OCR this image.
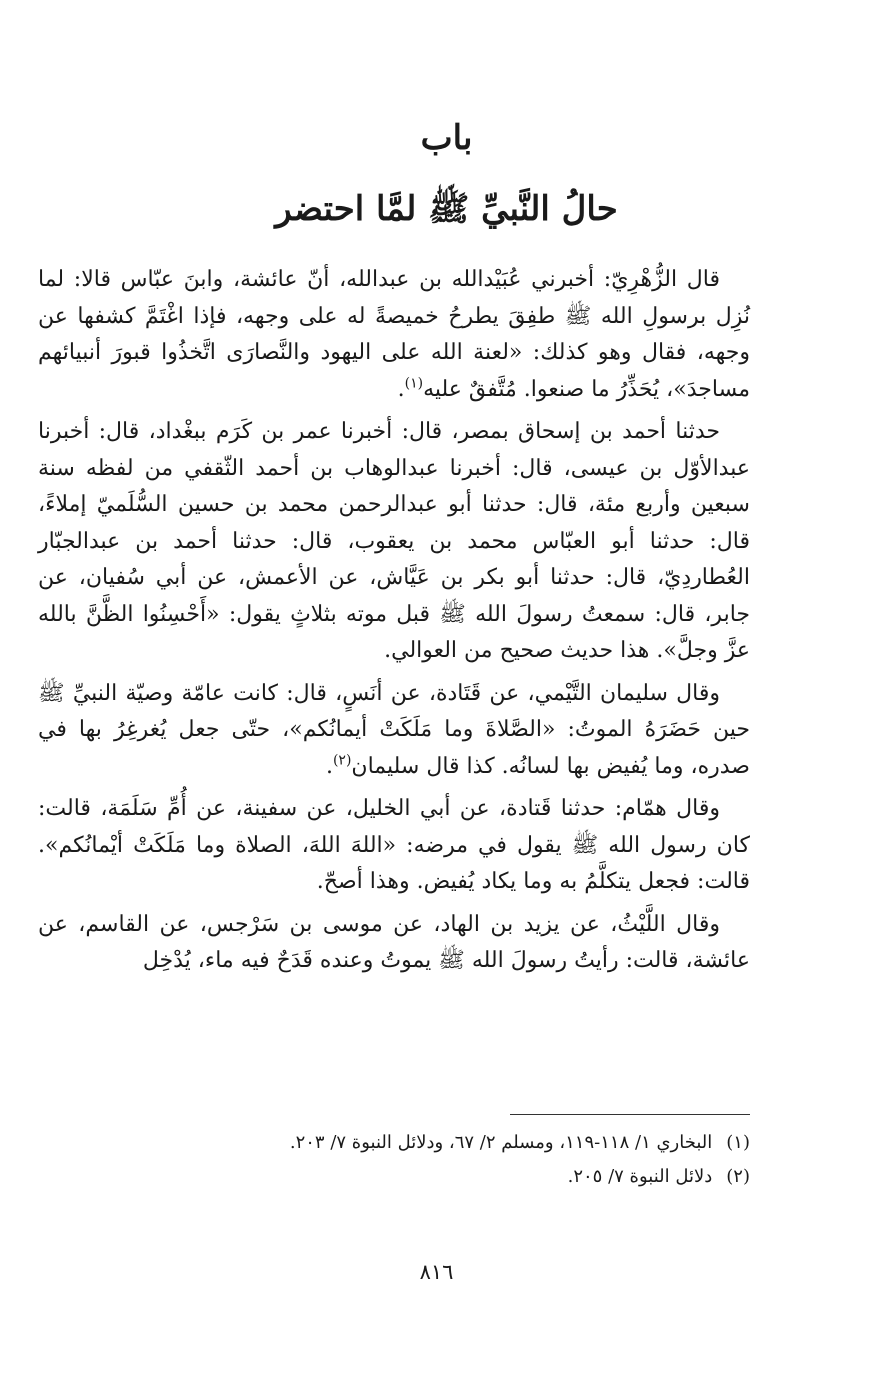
باب
حالُ النَّبيِّ ﷺ لمَّا احتضر

قال الزُّهْرِيّ: أخبرني عُبَيْدالله بن عبدالله، أنّ عائشة، وابنَ عبّاس قالا: لما نُزِل برسولِ الله ﷺ طفِقَ يطرحُ خميصةً له على وجهه، فإذا اغْتَمَّ كشفها عن وجهه، فقال وهو كذلك: «لعنة الله على اليهود والنَّصارَى اتَّخذُوا قبورَ أنبيائهم مساجدَ»، يُحَذِّرُ ما صنعوا. مُتَّفقٌ عليه$^{(١)}$.

حدثنا أحمد بن إسحاق بمصر، قال: أخبرنا عمر بن كَرَم ببغْداد، قال: أخبرنا عبدالأوّل بن عيسى، قال: أخبرنا عبدالوهاب بن أحمد الثّقفي من لفظه سنة سبعين وأربع مئة، قال: حدثنا أبو عبدالرحمن محمد بن حسين السُّلَميّ إملاءً، قال: حدثنا أبو العبّاس محمد بن يعقوب، قال: حدثنا أحمد بن عبدالجبّار العُطاردِيّ، قال: حدثنا أبو بكر بن عَيَّاش، عن الأعمش، عن أبي سُفيان، عن جابر، قال: سمعتُ رسولَ الله ﷺ قبل موته بثلاثٍ يقول: «أَحْسِنُوا الظَّنَّ بالله عزَّ وجلَّ». هذا حديث صحيح من العوالي.

وقال سليمان التَّيْمي، عن قَتَادة، عن أنَسٍ، قال: كانت عامّة وصيّة النبيِّ ﷺ حين حَضَرَهُ الموتُ: «الصَّلاةَ وما مَلَكَتْ أيمانُكم»، حتّى جعل يُغرغِرُ بها في صدره، وما يُفيض بها لسانُه. كذا قال سليمان$^{(٢)}$.

وقال همّام: حدثنا قَتادة، عن أبي الخليل، عن سفينة، عن أُمِّ سَلَمَة، قالت: كان رسول الله ﷺ يقول في مرضه: «اللهَ اللهَ، الصلاة وما مَلَكَتْ أيْمانُكم». قالت: فجعل يتكلَّمُ به وما يكاد يُفيض. وهذا أصحّ.

وقال اللَّيْثُ، عن يزيد بن الهاد، عن موسى بن سَرْجس، عن القاسم، عن عائشة، قالت: رأيتُ رسولَ الله ﷺ يموتُ وعنده قَدَحٌ فيه ماء، يُدْخِل

(١)
البخاري ١/ ١١٨-١١٩، ومسلم ٢/ ٦٧، ودلائل النبوة ٧/ ٢٠٣.
(٢)
دلائل النبوة ٧/ ٢٠٥.
٨١٦
